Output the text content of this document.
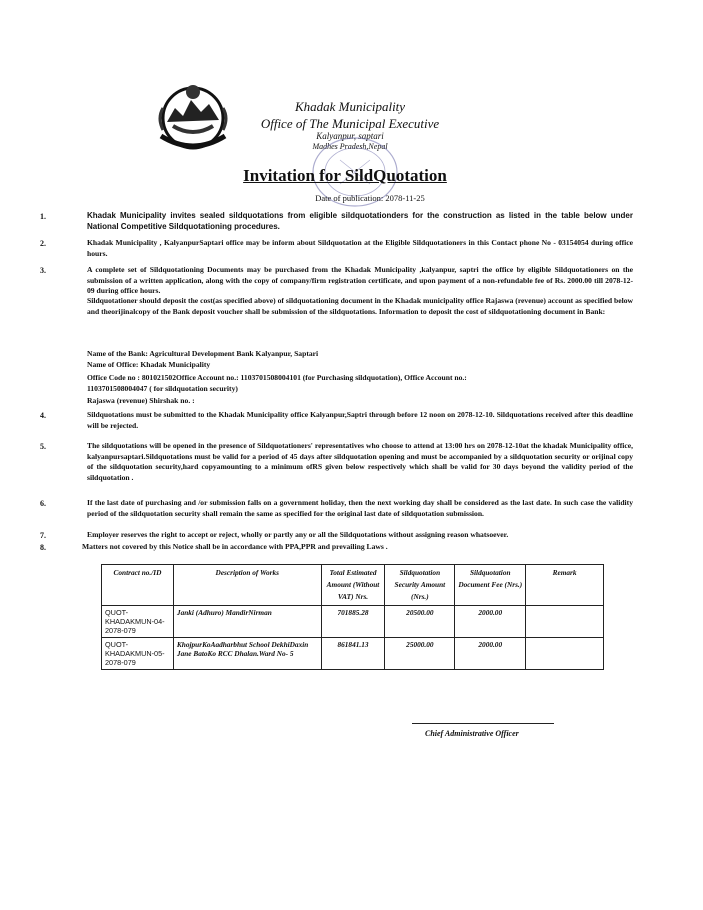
Khadak Municipality
Office of The Municipal Executive
Kalyanpur, saptari
Madhes Pradesh,Nepal
Invitation for SildQuotation
Date of publication: 2078-11-25
1.	Khadak Municipality invites sealed sildquotations from eligible sildquotationders for the construction as listed in the table below under National Competitive Sildquotationing procedures.
2.	Khadak Municipality , KalyanpurSaptari office may be inform about Sildquotation at the Eligible Sildquotationers in this Contact phone No - 03154054 during office hours.
3.	A complete set of Sildquotationing Documents may be purchased from the Khadak Municipality ,kalyanpur, saptri the office by eligible Sildquotationers on the submission of a written application, along with the copy of company/firm registration certificate, and upon payment of a non-refundable fee of Rs. 2000.00 till 2078-12-09 during office hours.
Sildquotationer should deposit the cost(as specified above) of sildquotationing document in the Khadak municipality office Rajaswa (revenue) account as specified below and theorijinalcopy of the Bank deposit voucher shall be submission of the sildquotations. Information to deposit the cost of sildquotationing document in Bank:
Name of the Bank: Agricultural Development Bank Kalyanpur, Saptari
Name of Office: Khadak Municipality
Office Code no : 801021502Office Account no.: 1103701508004101 (for Purchasing sildquotation), Office Account no.:
1103701508004047 ( for sildquotation security)
Rajaswa (revenue) Shirshak no. :
4.	Sildquotations must be submitted to the Khadak Municipality office Kalyanpur,Saptri through before 12 noon on 2078-12-10. Sildquotations received after this deadline will be rejected.
5.	The sildquotations will be opened in the presence of Sildquotationers' representatives who choose to attend at 13:00 hrs on 2078-12-10at the khadak Municipality office, kalyanpursaptari.Sildquotations must be valid for a period of 45 days after sildquotation opening and must be accompanied by a sildquotation security or orijinal copy of the sildquotation security,hard copyamounting to a minimum ofRS given below respectively which shall be valid for 30 days beyond the validity period of the sildquotation .
6.	If the last date of purchasing and /or submission falls on a government holiday, then the next working day shall be considered as the last date. In such case the validity period of the sildquotation security shall remain the same as specified for the original last date of sildquotation submission.
7.	Employer reserves the right to accept or reject, wholly or partly any or all the Sildquotations without assigning reason whatsoever.
8.	Matters not covered by this Notice shall be in accordance with PPA,PPR and prevailing Laws .
Contract no./ID	Description of Works	Total Estimated Amount (Without VAT) Nrs.	Sildquotation Security Amount (Nrs.)	Sildquotation Document Fee (Nrs.)	Remark
QUOT-KHADAKMUN-04-2078-079	Janki (Adhuro) MandirNirman	701885.28	20500.00	2000.00	
QUOT-KHADAKMUN-05-2078-079	KhojpurKoAadharbhut School DekhiDaxin Jane BatoKo RCC Dhalan.Ward No- 5	861841.13	25000.00	2000.00	
Chief Administrative Officer
